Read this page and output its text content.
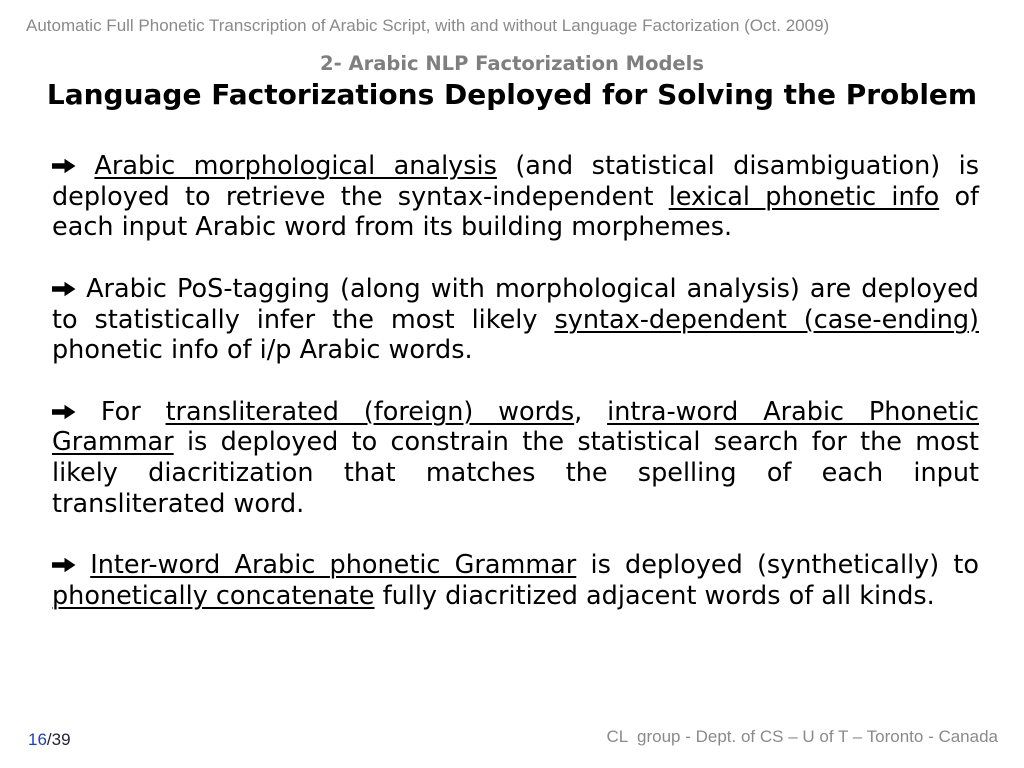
Automatic Full Phonetic Transcription of Arabic Script, with and without Language Factorization (Oct. 2009)
2- Arabic NLP Factorization Models
Language Factorizations Deployed for Solving the Problem

Arabic morphological analysis (and statistical disambiguation) is deployed to retrieve the syntax-independent lexical phonetic info of each input Arabic word from its building morphemes.

Arabic PoS-tagging (along with morphological analysis) are deployed to statistically infer the most likely syntax-dependent (case-ending) phonetic info of i/p Arabic words.

For transliterated (foreign) words, intra-word Arabic Phonetic Grammar is deployed to constrain the statistical search for the most likely diacritization that matches the spelling of each input transliterated word.

Inter-word Arabic phonetic Grammar is deployed (synthetically) to phonetically concatenate fully diacritized adjacent words of all kinds.

16/39	CL  group - Dept. of CS – U of T – Toronto - Canada
